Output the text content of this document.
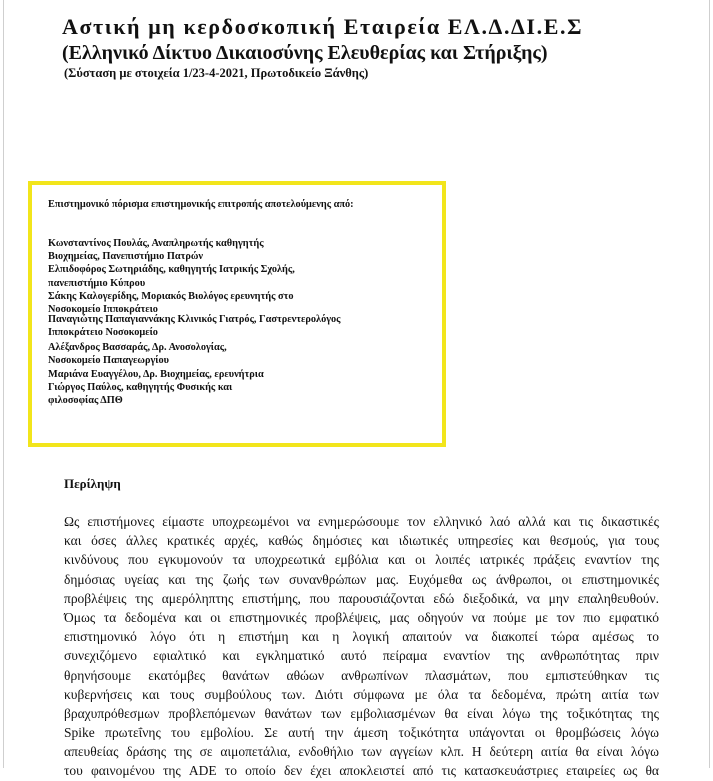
Αστική μη κερδοσκοπική Εταιρεία ΕΛ.Δ.ΔΙ.Ε.Σ

(Ελληνικό Δίκτυο Δικαιοσύνης Ελευθερίας και Στήριξης)

(Σύσταση με στοιχεία 1/23-4-2021, Πρωτοδικείο Ξάνθης)

Επιστημονικό πόρισμα επιστημονικής επιτροπής αποτελούμενης από:

Κωνσταντίνος Πουλάς, Αναπληρωτής καθηγητής
Βιοχημείας, Πανεπιστήμιο Πατρών
Ελπιδοφόρος Σωτηριάδης, καθηγητής Ιατρικής Σχολής,
πανεπιστήμιο Κύπρου
Σάκης Καλογερίδης, Μοριακός Βιολόγος ερευνητής στο
Νοσοκομείο Ιπποκράτειο
Παναγιώτης Παπαγιαννάκης Κλινικός Γιατρός, Γαστρεντερολόγος
Ιπποκράτειο Νοσοκομείο
Αλέξανδρος Βασσαράς, Δρ. Ανοσολογίας,
Νοσοκομείο Παπαγεωργίου
Μαριάνα Ευαγγέλου, Δρ. Βιοχημείας, ερευνήτρια
Γιώργος Παύλος, καθηγητής Φυσικής και
φιλοσοφίας ΔΠΘ
Περίληψη
Ως επιστήμονες είμαστε υποχρεωμένοι να ενημερώσουμε τον ελληνικό λαό αλλά και τις δικαστικές
και όσες άλλες κρατικές αρχές, καθώς δημόσιες και ιδιωτικές υπηρεσίες και θεσμούς, για τους
κινδύνους που εγκυμονούν τα υποχρεωτικά εμβόλια και οι λοιπές ιατρικές πράξεις εναντίον της
δημόσιας υγείας και της ζωής των συνανθρώπων μας. Ευχόμεθα ως άνθρωποι, οι επιστημονικές
προβλέψεις της αμερόληπτης επιστήμης, που παρουσιάζονται εδώ διεξοδικά, να μην επαληθευθούν.
Όμως τα δεδομένα και οι επιστημονικές προβλέψεις, μας οδηγούν να πούμε με τον πιο εμφατικό
επιστημονικό λόγο ότι η επιστήμη και η λογική απαιτούν να διακοπεί τώρα αμέσως το
συνεχιζόμενο εφιαλτικό και εγκληματικό αυτό πείραμα εναντίον της ανθρωπότητας πριν
θρηνήσουμε εκατόμβες θανάτων αθώων ανθρωπίνων πλασμάτων, που εμπιστεύθηκαν τις
κυβερνήσεις και τους συμβούλους των. Διότι σύμφωνα με όλα τα δεδομένα, πρώτη αιτία των
βραχυπρόθεσμων προβλεπόμενων θανάτων των εμβολιασμένων θα είναι λόγω της τοξικότητας της
Spike πρωτεΐνης του εμβολίου. Σε αυτή την άμεση τοξικότητα υπάγονται οι θρομβώσεις λόγω
απευθείας δράσης της σε αιμοπετάλια, ενδοθήλιο των αγγείων κλπ. Η δεύτερη αιτία θα είναι λόγω
του φαινομένου της ADE το οποίο δεν έχει αποκλειστεί από τις κατασκευάστριες εταιρείες ως θα
